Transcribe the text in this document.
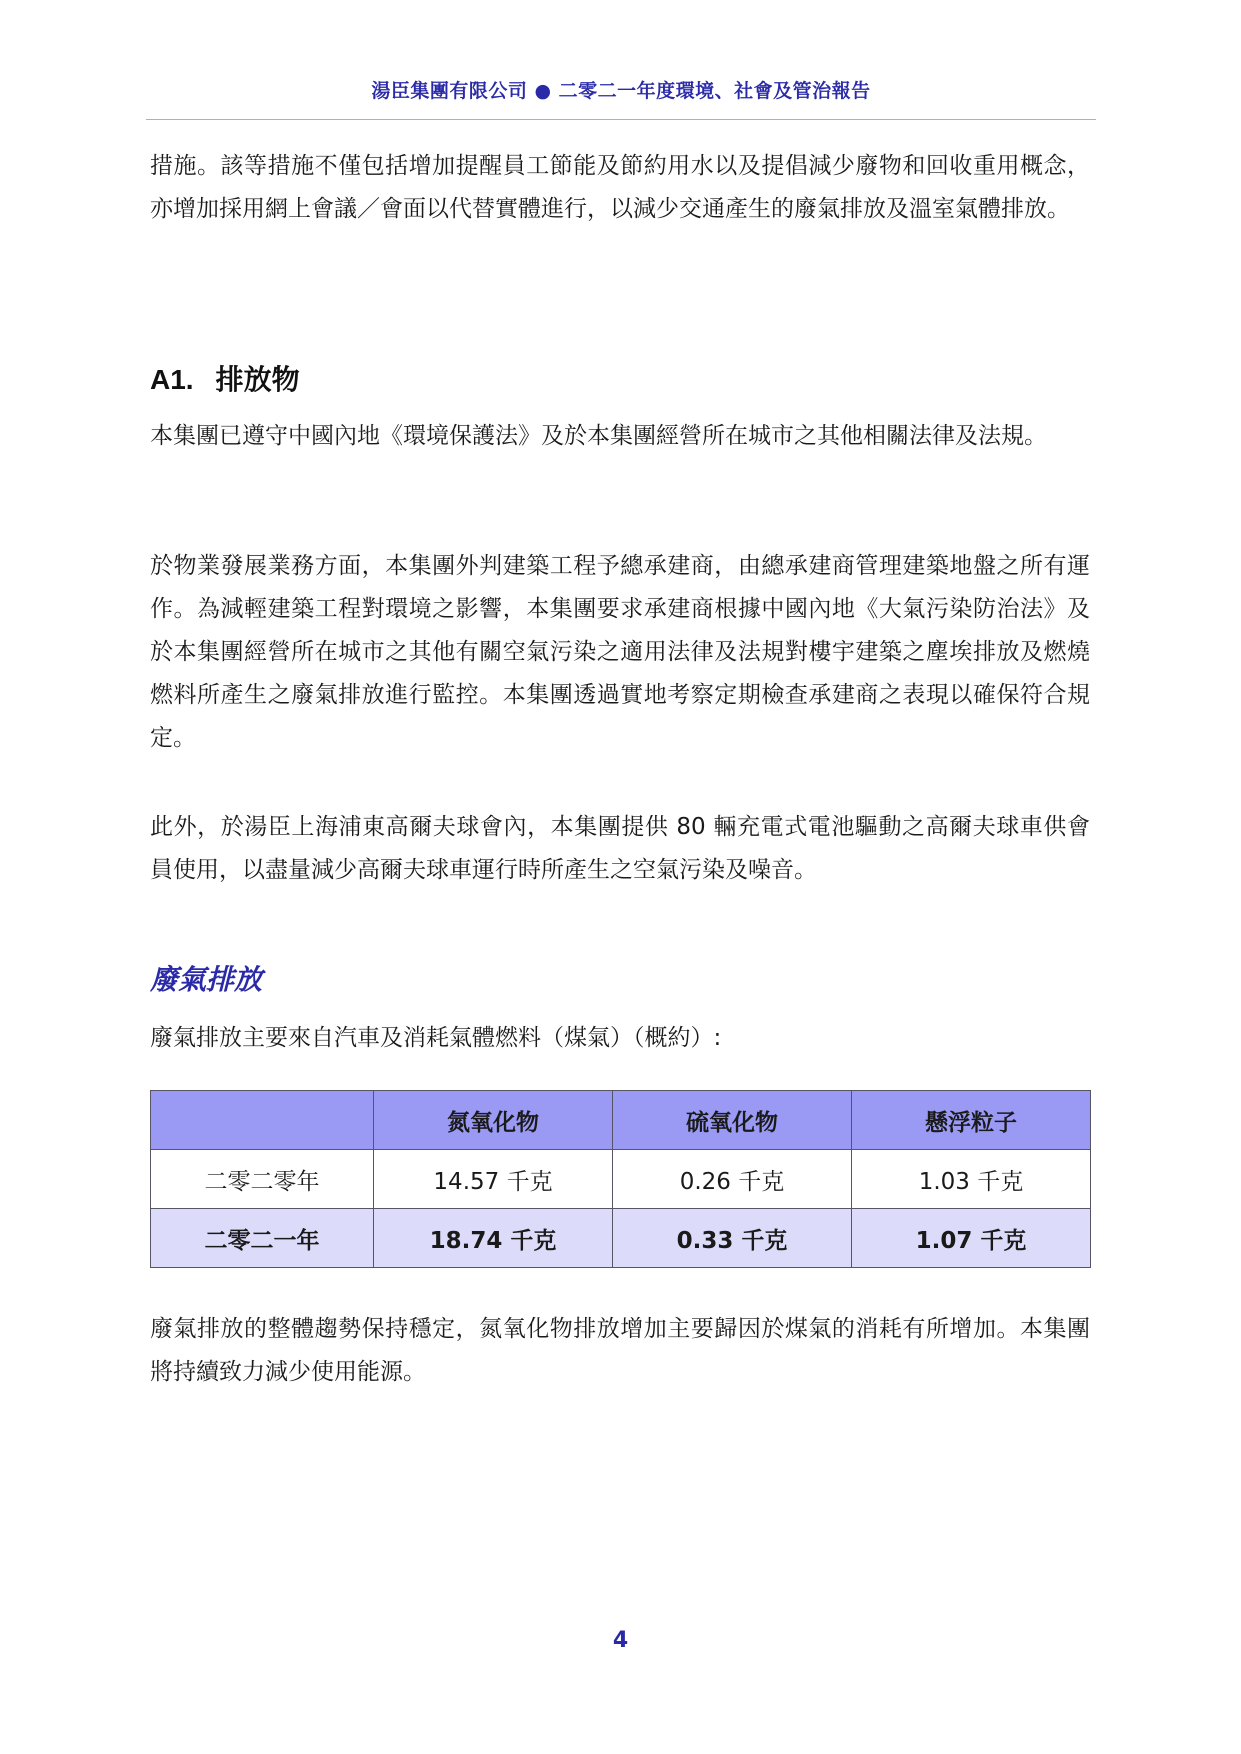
湯臣集團有限公司 ● 二零二一年度環境、社會及管治報告

措施。該等措施不僅包括增加提醒員工節能及節約用水以及提倡減少廢物和回收重用概念，亦增加採用網上會議／會面以代替實體進行，以減少交通產生的廢氣排放及溫室氣體排放。

A1. 排放物

本集團已遵守中國內地《環境保護法》及於本集團經營所在城市之其他相關法律及法規。

於物業發展業務方面，本集團外判建築工程予總承建商，由總承建商管理建築地盤之所有運作。為減輕建築工程對環境之影響，本集團要求承建商根據中國內地《大氣污染防治法》及於本集團經營所在城市之其他有關空氣污染之適用法律及法規對樓宇建築之塵埃排放及燃燒燃料所產生之廢氣排放進行監控。本集團透過實地考察定期檢查承建商之表現以確保符合規定。

此外，於湯臣上海浦東高爾夫球會內，本集團提供 80 輛充電式電池驅動之高爾夫球車供會員使用，以盡量減少高爾夫球車運行時所產生之空氣污染及噪音。

廢氣排放

廢氣排放主要來自汽車及消耗氣體燃料（煤氣）（概約）:

	氮氧化物	硫氧化物	懸浮粒子
二零二零年	14.57 千克	0.26 千克	1.03 千克
二零二一年	18.74 千克	0.33 千克	1.07 千克

廢氣排放的整體趨勢保持穩定，氮氧化物排放增加主要歸因於煤氣的消耗有所增加。本集團將持續致力減少使用能源。

4
